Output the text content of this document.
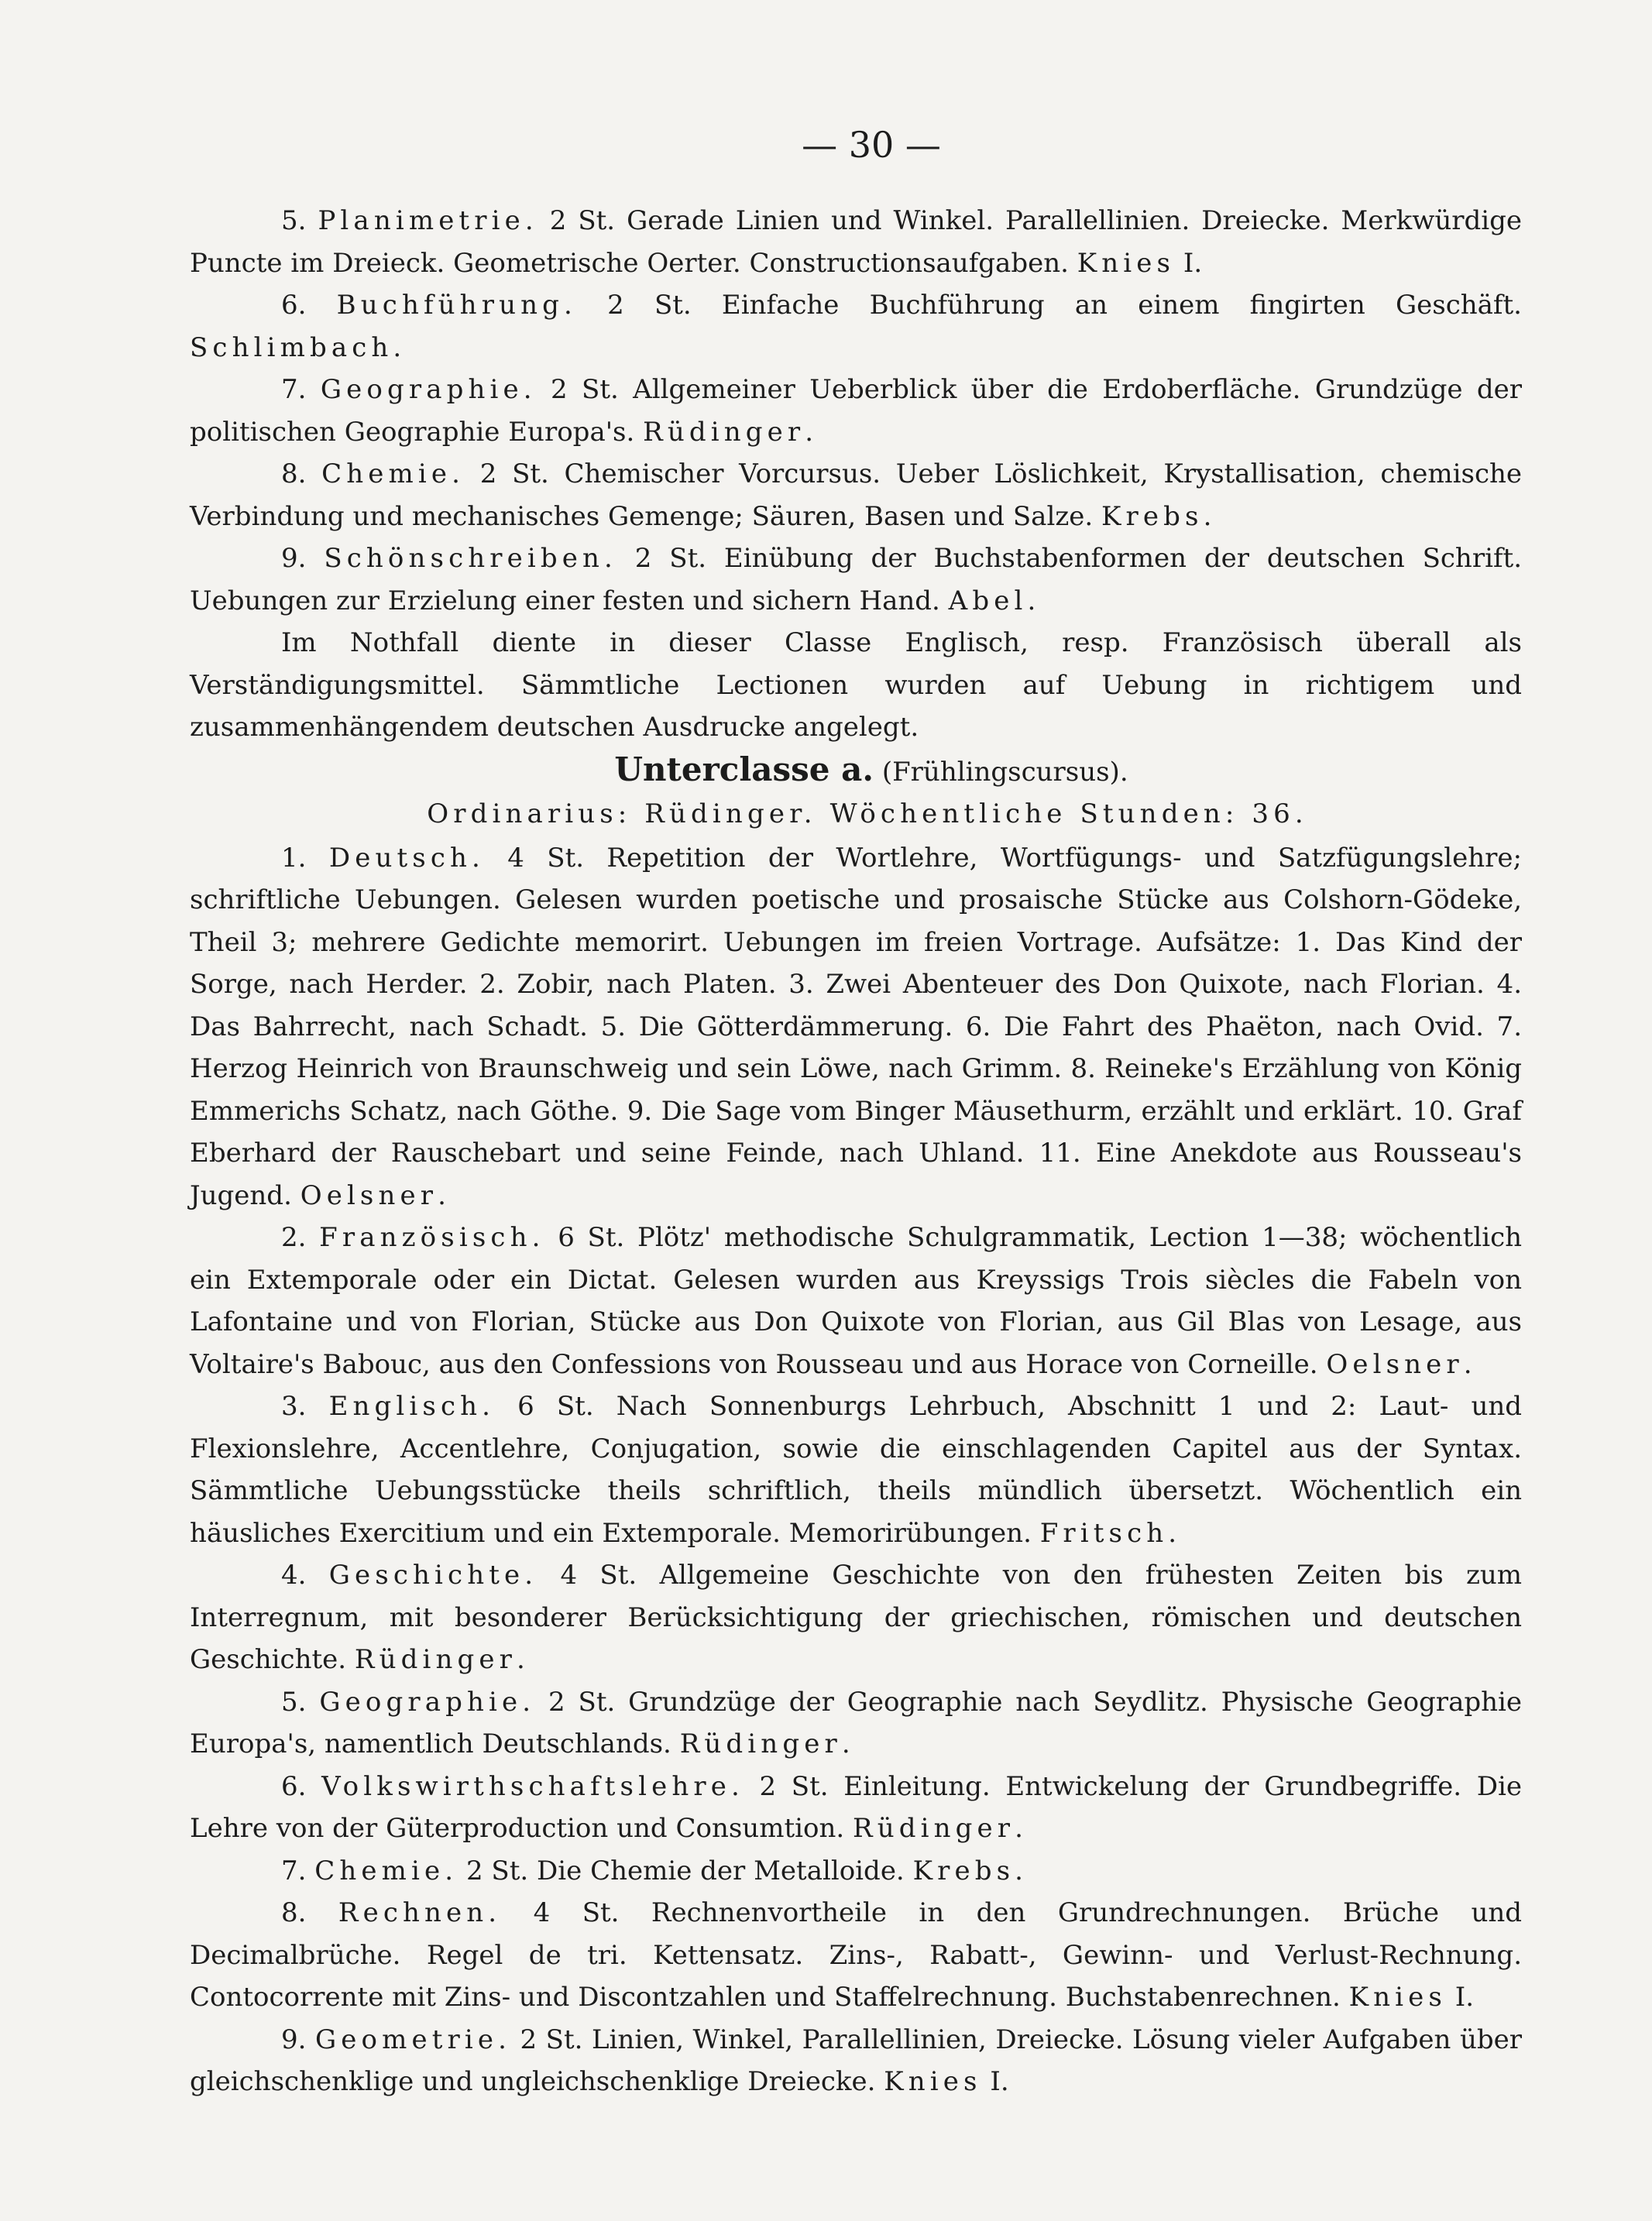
— 30 —

5. Planimetrie. 2 St. Gerade Linien und Winkel. Parallellinien. Dreiecke. Merkwürdige Puncte im Dreieck. Geometrische Oerter. Constructionsaufgaben. Knies I.

6. Buchführung. 2 St. Einfache Buchführung an einem fingirten Geschäft. Schlimbach.

7. Geographie. 2 St. Allgemeiner Ueberblick über die Erdoberfläche. Grundzüge der politischen Geographie Europa's. Rüdinger.

8. Chemie. 2 St. Chemischer Vorcursus. Ueber Löslichkeit, Krystallisation, chemische Verbindung und mechanisches Gemenge; Säuren, Basen und Salze. Krebs.

9. Schönschreiben. 2 St. Einübung der Buchstabenformen der deutschen Schrift. Uebungen zur Erzielung einer festen und sichern Hand. Abel.

Im Nothfall diente in dieser Classe Englisch, resp. Französisch überall als Verständigungsmittel. Sämmtliche Lectionen wurden auf Uebung in richtigem und zusammenhängendem deutschen Ausdrucke angelegt.

Unterclasse a. (Frühlingscursus).

Ordinarius: Rüdinger. Wöchentliche Stunden: 36.

1. Deutsch. 4 St. Repetition der Wortlehre, Wortfügungs- und Satzfügungslehre; schriftliche Uebungen. Gelesen wurden poetische und prosaische Stücke aus Colshorn-Gödeke, Theil 3; mehrere Gedichte memorirt. Uebungen im freien Vortrage. Aufsätze: 1. Das Kind der Sorge, nach Herder. 2. Zobir, nach Platen. 3. Zwei Abenteuer des Don Quixote, nach Florian. 4. Das Bahrrecht, nach Schadt. 5. Die Götterdämmerung. 6. Die Fahrt des Phaëton, nach Ovid. 7. Herzog Heinrich von Braunschweig und sein Löwe, nach Grimm. 8. Reineke's Erzählung von König Emmerichs Schatz, nach Göthe. 9. Die Sage vom Binger Mäusethurm, erzählt und erklärt. 10. Graf Eberhard der Rauschebart und seine Feinde, nach Uhland. 11. Eine Anekdote aus Rousseau's Jugend. Oelsner.

2. Französisch. 6 St. Plötz' methodische Schulgrammatik, Lection 1—38; wöchentlich ein Extemporale oder ein Dictat. Gelesen wurden aus Kreyssigs Trois siècles die Fabeln von Lafontaine und von Florian, Stücke aus Don Quixote von Florian, aus Gil Blas von Lesage, aus Voltaire's Babouc, aus den Confessions von Rousseau und aus Horace von Corneille. Oelsner.

3. Englisch. 6 St. Nach Sonnenburgs Lehrbuch, Abschnitt 1 und 2: Laut- und Flexionslehre, Accentlehre, Conjugation, sowie die einschlagenden Capitel aus der Syntax. Sämmtliche Uebungsstücke theils schriftlich, theils mündlich übersetzt. Wöchentlich ein häusliches Exercitium und ein Extemporale. Memorirübungen. Fritsch.

4. Geschichte. 4 St. Allgemeine Geschichte von den frühesten Zeiten bis zum Interregnum, mit besonderer Berücksichtigung der griechischen, römischen und deutschen Geschichte. Rüdinger.

5. Geographie. 2 St. Grundzüge der Geographie nach Seydlitz. Physische Geographie Europa's, namentlich Deutschlands. Rüdinger.

6. Volkswirthschaftslehre. 2 St. Einleitung. Entwickelung der Grundbegriffe. Die Lehre von der Güterproduction und Consumtion. Rüdinger.

7. Chemie. 2 St. Die Chemie der Metalloide. Krebs.

8. Rechnen. 4 St. Rechnenvortheile in den Grundrechnungen. Brüche und Decimalbrüche. Regel de tri. Kettensatz. Zins-, Rabatt-, Gewinn- und Verlust-Rechnung. Contocorrente mit Zins- und Discontzahlen und Staffelrechnung. Buchstabenrechnen. Knies I.

9. Geometrie. 2 St. Linien, Winkel, Parallellinien, Dreiecke. Lösung vieler Aufgaben über gleichschenklige und ungleichschenklige Dreiecke. Knies I.
